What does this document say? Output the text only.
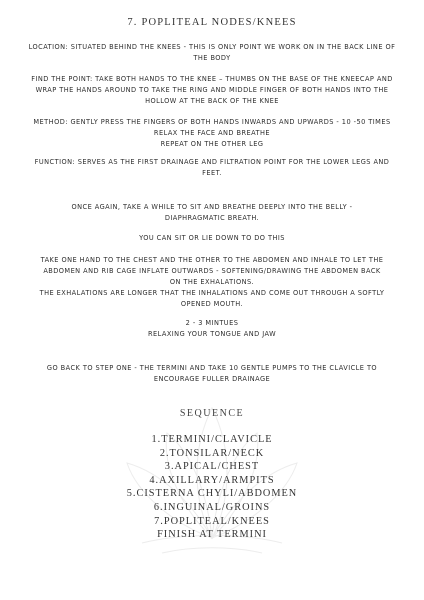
7. POPLITEAL NODES/KNEES
LOCATION: SITUATED BEHIND THE KNEES - THIS IS ONLY POINT WE WORK ON IN THE BACK LINE OF
THE BODY
FIND THE POINT: TAKE BOTH HANDS TO THE KNEE – THUMBS ON THE BASE OF THE KNEECAP AND
WRAP THE HANDS AROUND TO TAKE THE RING AND MIDDLE FINGER OF BOTH HANDS INTO THE
HOLLOW AT THE BACK OF THE KNEE
METHOD: GENTLY PRESS THE FINGERS OF BOTH HANDS INWARDS AND UPWARDS - 10 -50 TIMES
RELAX THE FACE AND BREATHE
REPEAT ON THE OTHER LEG
FUNCTION: SERVES AS THE FIRST DRAINAGE AND FILTRATION POINT FOR THE LOWER LEGS AND
FEET.
ONCE AGAIN, TAKE A WHILE TO SIT AND BREATHE DEEPLY INTO THE BELLY -
DIAPHRAGMATIC BREATH.
YOU CAN SIT OR LIE DOWN TO DO THIS
TAKE ONE HAND TO THE CHEST AND THE OTHER TO THE ABDOMEN AND INHALE TO LET THE
ABDOMEN AND RIB CAGE INFLATE OUTWARDS - SOFTENING/DRAWING THE ABDOMEN BACK
ON THE EXHALATIONS.
THE EXHALATIONS ARE LONGER THAT THE INHALATIONS AND COME OUT THROUGH A SOFTLY
OPENED MOUTH.
2 - 3 MINTUES
RELAXING YOUR TONGUE AND JAW
GO BACK TO STEP ONE - THE TERMINI AND TAKE 10 GENTLE PUMPS TO THE CLAVICLE TO
ENCOURAGE FULLER DRAINAGE
SEQUENCE
1.TERMINI/CLAVICLE
2.TONSILAR/NECK
3.APICAL/CHEST
4.AXILLARY/ARMPITS
5.CISTERNA CHYLI/ABDOMEN
6.INGUINAL/GROINS
7.POPLITEAL/KNEES
FINISH AT TERMINI
